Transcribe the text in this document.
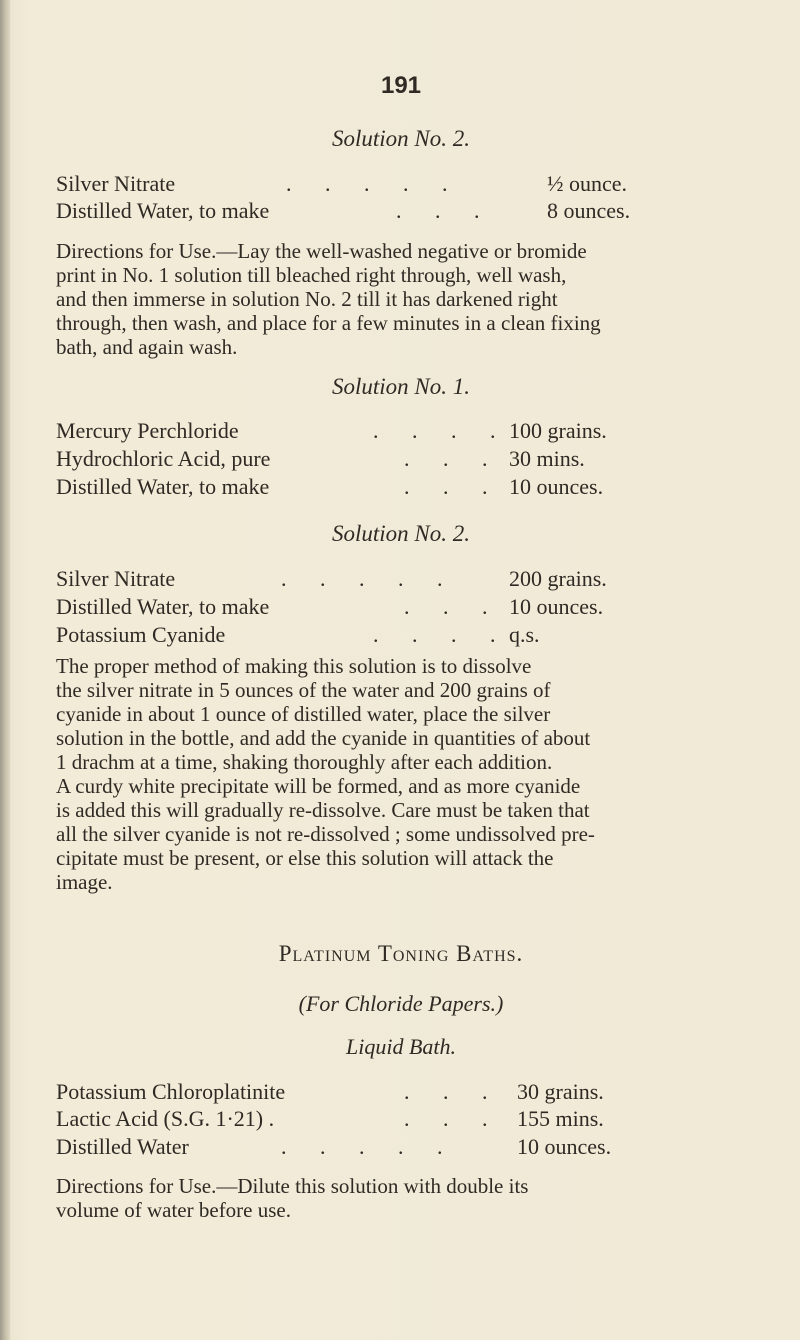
191
Solution No. 2.
Silver Nitrate	. . . . .	½ ounce.
Distilled Water, to make	. . . 8 ounces.
Directions for Use.—Lay the well-washed negative or bromide
print in No. 1 solution till bleached right through, well wash,
and then immerse in solution No. 2 till it has darkened right
through, then wash, and place for a few minutes in a clean fixing
bath, and again wash.
Solution No. 1.
Mercury Perchloride	. . . . 100 grains.
Hydrochloric Acid, pure	. . . 30 mins.
Distilled Water, to make	. . . 10 ounces.
Solution No. 2.
Silver Nitrate	. . . . . 200 grains.
Distilled Water, to make	. . . 10 ounces.
Potassium Cyanide	. . . . q.s.
The proper method of making this solution is to dissolve
the silver nitrate in 5 ounces of the water and 200 grains of
cyanide in about 1 ounce of distilled water, place the silver
solution in the bottle, and add the cyanide in quantities of about
1 drachm at a time, shaking thoroughly after each addition.
A curdy white precipitate will be formed, and as more cyanide
is added this will gradually re-dissolve. Care must be taken that
all the silver cyanide is not re-dissolved ; some undissolved pre-
cipitate must be present, or else this solution will attack the
image.
Platinum Toning Baths.
(For Chloride Papers.)
Liquid Bath.
Potassium Chloroplatinite	. . . 30 grains.
Lactic Acid (S.G. 1·21) .	. . . 155 mins.
Distilled Water	. . . . .	10 ounces.
Directions for Use.—Dilute this solution with double its
volume of water before use.
